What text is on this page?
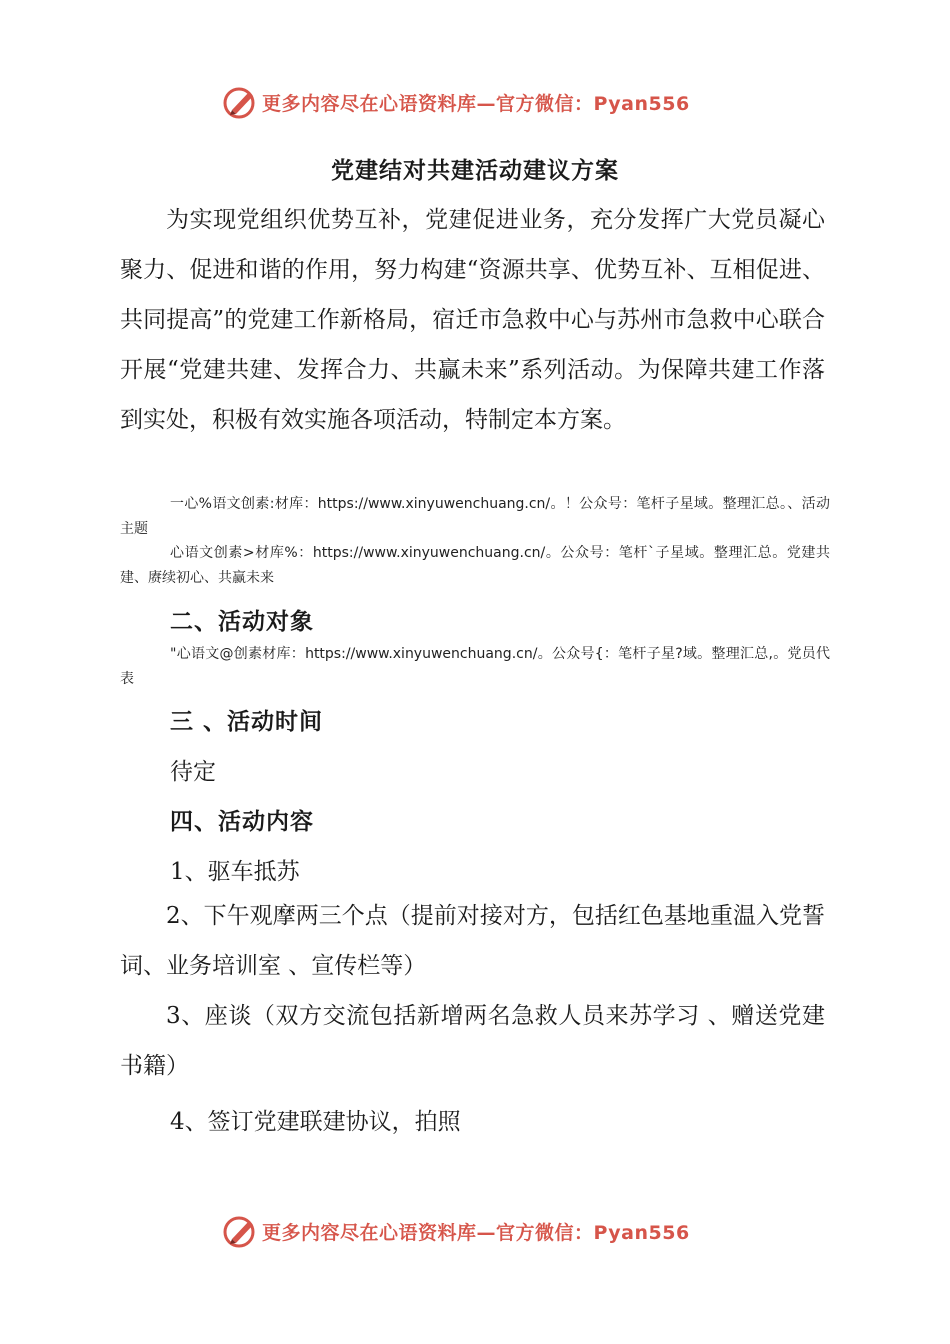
更多内容尽在心语资料库—官方微信：Pyan556
党建结对共建活动建议方案
为实现党组织优势互补，党建促进业务，充分发挥广大党员凝心聚力、促进和谐的作用，努力构建“资源共享、优势互补、互相促进、共同提高”的党建工作新格局，宿迁市急救中心与苏州市急救中心联合开展“党建共建、发挥合力、共赢未来”系列活动。为保障共建工作落到实处，积极有效实施各项活动，特制定本方案。
一心%语文创素:材库：https://www.xinyuwenchuang.cn/。！公众号：笔杆子星域。整理汇总。、活动主题
心语文创素>材库%：https://www.xinyuwenchuang.cn/。公众号：笔杆`子星域。整理汇总。党建共建、赓续初心、共赢未来
二、活动对象
"心语文@创素材库：https://www.xinyuwenchuang.cn/。公众号{：笔杆子星?域。整理汇总,。党员代表
三 、活动时间
待定
四、活动内容
1、驱车抵苏
2、下午观摩两三个点（提前对接对方，包括红色基地重温入党誓词、业务培训室 、宣传栏等）
3、座谈（双方交流包括新增两名急救人员来苏学习 、赠送党建书籍）
4、签订党建联建协议，拍照
更多内容尽在心语资料库—官方微信：Pyan556
